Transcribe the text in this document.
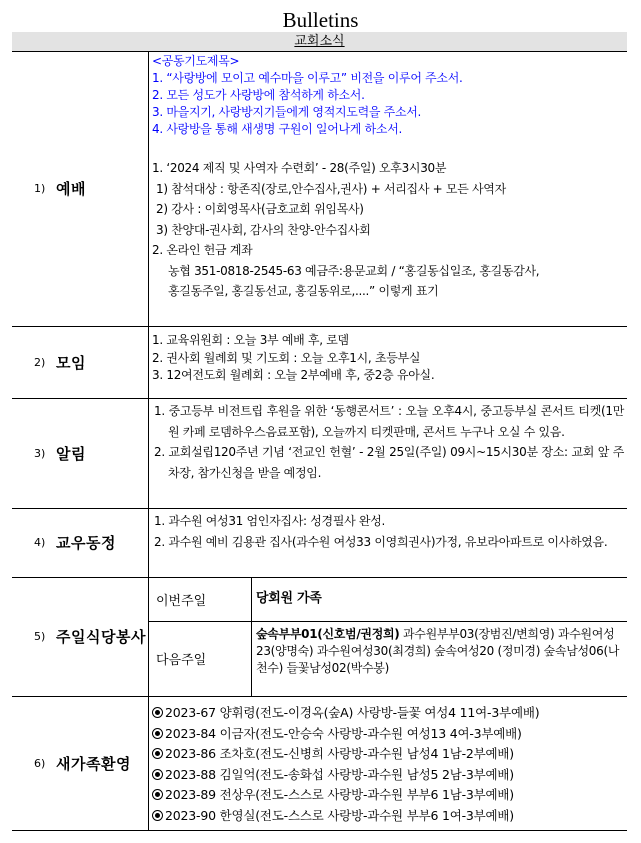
Bulletins
교회소식
1) 예배
<공동기도제목>
1. “사랑방에 모이고 예수마을 이루고” 비전을 이루어 주소서.
2. 모든 성도가 사랑방에 참석하게 하소서.
3. 마을지기, 사랑방지기들에게 영적지도력을 주소서.
4. 사랑방을 통해 새생명 구원이 일어나게 하소서.
1. ‘2024 제직 및 사역자 수련회’ - 28(주일) 오후3시30분
1) 참석대상 : 항존직(장로,안수집사,권사) + 서리집사 + 모든 사역자
2) 강사 : 이회영목사(금호교회 위임목사)
3) 찬양대-권사회, 감사의 찬양-안수집사회
2. 온라인 헌금 계좌
농협 351-0818-2545-63 예금주:용문교회 / “홍길동십일조, 홍길동감사,
홍길동주일, 홍길동선교, 홍길동위로,....” 이렇게 표기
2) 모임
1. 교육위원회 : 오늘 3부 예배 후, 로뎀
2. 권사회 월례회 및 기도회 : 오늘 오후1시, 초등부실
3. 12여전도회 월례회 : 오늘 2부예배 후, 중2층 유아실.
3) 알림
1. 중고등부 비전트립 후원을 위한 ‘동행콘서트’ : 오늘 오후4시, 중고등부실 콘서트 티켓(1만원 카페 로뎀하우스음료포함), 오늘까지 티켓판매, 콘서트 누구나 오실 수 있음.
2. 교회설립120주년 기념 ‘전교인 헌혈’ - 2월 25일(주일) 09시~15시30분 장소: 교회 앞 주차장, 참가신청을 받을 예정임.
4) 교우동정
1. 과수원 여성31 엄인자집사: 성경필사 완성.
2. 과수원 예비 김용관 집사(과수원 여성33 이영희권사)가정, 유보라아파트로 이사하였음.
5) 주일식당봉사
이번주일	당회원 가족
다음주일
숲속부부01(신호범/권정희) 과수원부부03(장범진/변희영) 과수원여성23(양명숙) 과수원여성30(최경희) 숲속여성20 (정미경) 숲속남성06(나천수) 들꽃남성02(박수봉)
6) 새가족환영
2023-67 양휘령(전도-이경옥(숲A) 사랑방-들꽃 여성4 11여-3부예배)
2023-84 이금자(전도-안승숙 사랑방-과수원 여성13 4여-3부예배)
2023-86 조차호(전도-신병희 사랑방-과수원 남성4 1남-2부예배)
2023-88 김일억(전도-송화섭 사랑방-과수원 남성5 2남-3부예배)
2023-89 전상우(전도-스스로 사랑방-과수원 부부6 1남-3부예배)
2023-90 한영실(전도-스스로 사랑방-과수원 부부6 1여-3부예배)
